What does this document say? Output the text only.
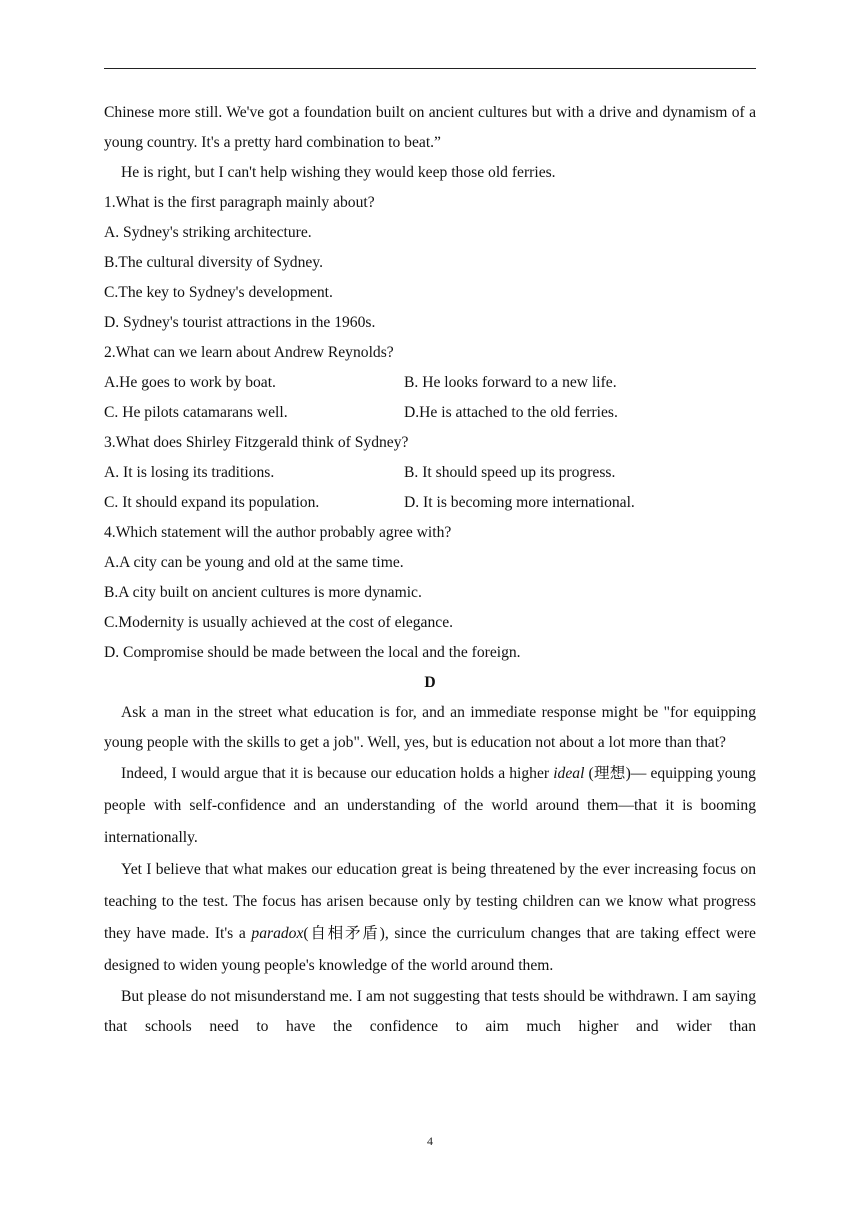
Chinese more still. We've got a foundation built on ancient cultures but with a drive and dynamism of a young country. It's a pretty hard combination to beat.”

He is right, but I can't help wishing they would keep those old ferries.

1.What is the first paragraph mainly about?

A. Sydney's striking architecture.

B.The cultural diversity of Sydney.

C.The key to Sydney's development.

D. Sydney's tourist attractions in the 1960s.

2.What can we learn about Andrew Reynolds?

A.He goes to work by boat.	B. He looks forward to a new life.
C. He pilots catamarans well.	D.He is attached to the old ferries.

3.What does Shirley Fitzgerald think of Sydney?

A. It is losing its traditions.	B. It should speed up its progress.
C. It should expand its population.	D. It is becoming more international.

4.Which statement will the author probably agree with?

A.A city can be young and old at the same time.

B.A city built on ancient cultures is more dynamic.

C.Modernity is usually achieved at the cost of elegance.

D. Compromise should be made between the local and the foreign.

D

Ask a man in the street what education is for, and an immediate response might be "for equipping young people with the skills to get a job". Well, yes, but is education not about a lot more than that?

Indeed, I would argue that it is because our education holds a higher ideal (理想)— equipping young people with self-confidence and an understanding of the world around them—that it is booming internationally.

Yet I believe that what makes our education great is being threatened by the ever increasing focus on teaching to the test. The focus has arisen because only by testing children can we know what progress they have made. It's a paradox(自相矛盾), since the curriculum changes that are taking effect were designed to widen young people's knowledge of the world around them.

But please do not misunderstand me. I am not suggesting that tests should be withdrawn. I am saying that schools need to have the confidence to aim much higher and wider than

4
